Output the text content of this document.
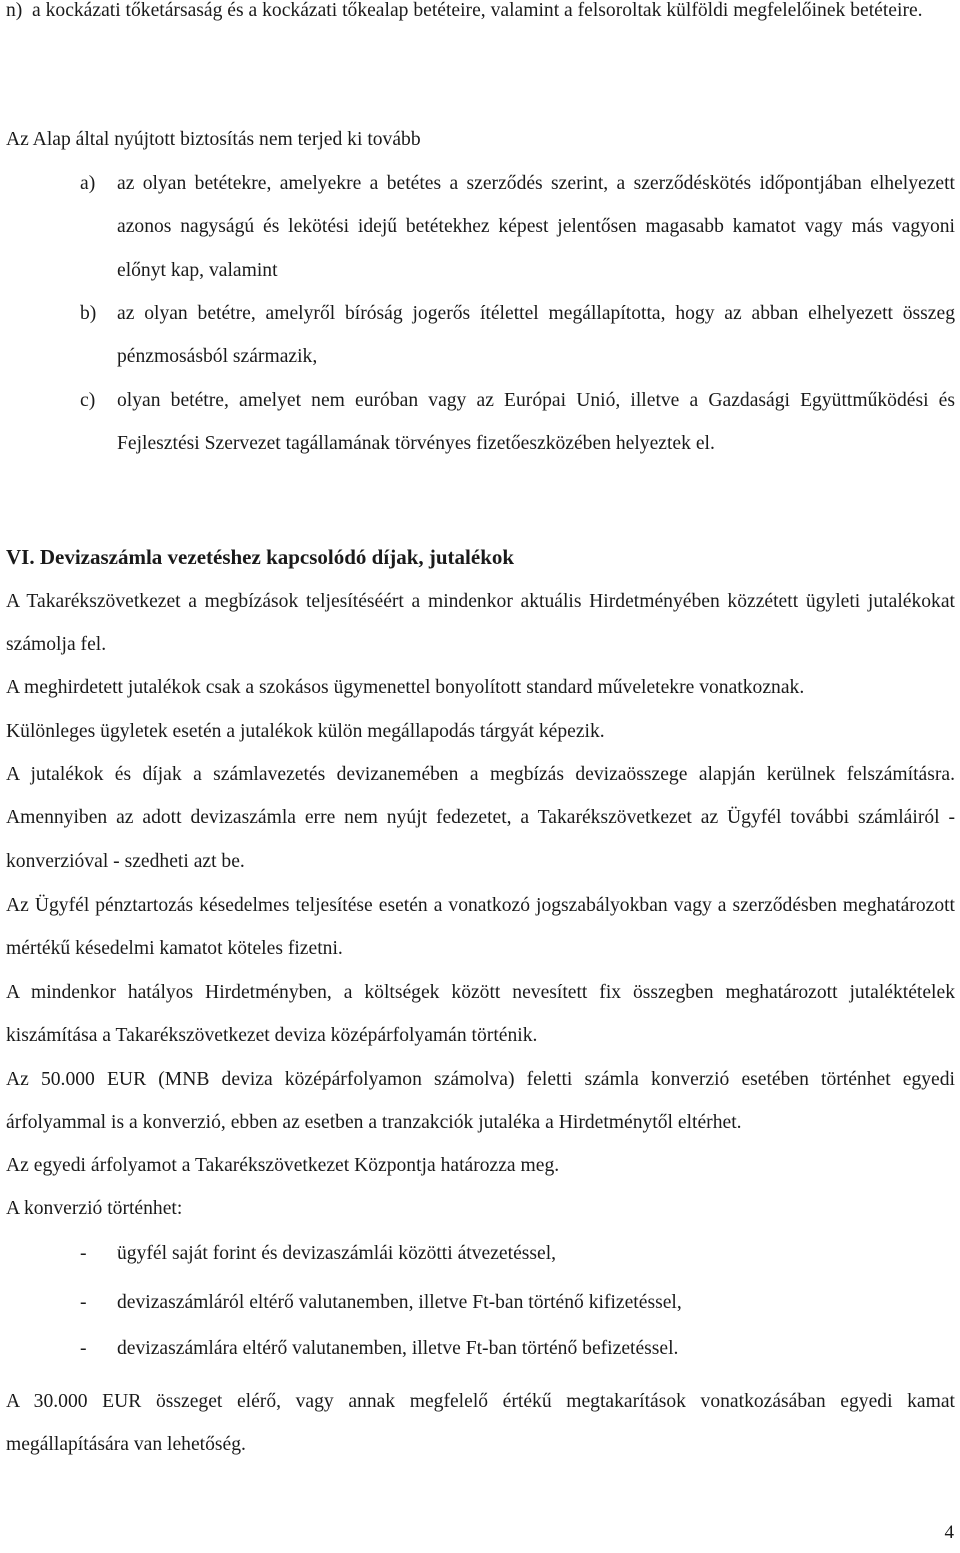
n) a kockázati tőketársaság és a kockázati tőkealap betéteire, valamint a felsoroltak külföldi megfelelőinek betéteire.

Az Alap által nyújtott biztosítás nem terjed ki tovább

a)	az olyan betétekre, amelyekre a betétes a szerződés szerint, a szerződéskötés időpontjában elhelyezett azonos nagyságú és lekötési idejű betétekhez képest jelentősen magasabb kamatot vagy más vagyoni előnyt kap, valamint
b)	az olyan betétre, amelyről bíróság jogerős ítélettel megállapította, hogy az abban elhelyezett összeg pénzmosásból származik,
c)	olyan betétre, amelyet nem euróban vagy az Európai Unió, illetve a Gazdasági Együttműködési és Fejlesztési Szervezet tagállamának törvényes fizetőeszközében helyeztek el.
VI. Devizaszámla vezetéshez kapcsolódó díjak, jutalékok

A Takarékszövetkezet a megbízások teljesítéséért a mindenkor aktuális Hirdetményében közzétett ügyleti jutalékokat számolja fel.

A meghirdetett jutalékok csak a szokásos ügymenettel bonyolított standard műveletekre vonatkoznak.

Különleges ügyletek esetén a jutalékok külön megállapodás tárgyát képezik.

A jutalékok és díjak a számlavezetés devizanemében a megbízás devizaösszege alapján kerülnek felszámításra. Amennyiben az adott devizaszámla erre nem nyújt fedezetet, a Takarékszövetkezet az Ügyfél további számláiról - konverzióval - szedheti azt be.

Az Ügyfél pénztartozás késedelmes teljesítése esetén a vonatkozó jogszabályokban vagy a szerződésben meghatározott mértékű késedelmi kamatot köteles fizetni.

A mindenkor hatályos Hirdetményben, a költségek között nevesített fix összegben meghatározott jutaléktételek kiszámítása a Takarékszövetkezet deviza középárfolyamán történik.

Az 50.000 EUR (MNB deviza középárfolyamon számolva) feletti számla konverzió esetében történhet egyedi árfolyammal is a konverzió, ebben az esetben a tranzakciók jutaléka a Hirdetménytől eltérhet.

Az egyedi árfolyamot a Takarékszövetkezet Központja határozza meg.

A konverzió történhet:

-	ügyfél saját forint és devizaszámlái közötti átvezetéssel,
-	devizaszámláról eltérő valutanemben, illetve Ft-ban történő kifizetéssel,
-	devizaszámlára eltérő valutanemben, illetve Ft-ban történő befizetéssel.

A 30.000 EUR összeget elérő, vagy annak megfelelő értékű megtakarítások vonatkozásában egyedi kamat megállapítására van lehetőség.

4
